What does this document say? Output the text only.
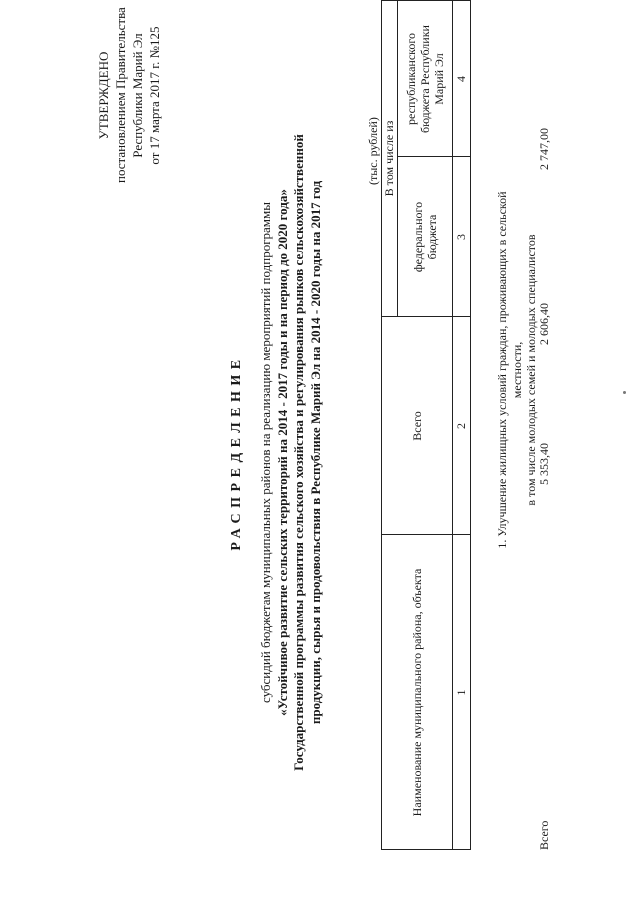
УТВЕРЖДЕНО постановлением Правительства Республики Марий Эл от 17 марта 2017 г. №125
РАСПРЕДЕЛЕНИЕ субсидий бюджетам муниципальных районов на реализацию мероприятий подпрограммы «Устойчивое развитие сельских территорий на 2014 - 2017 годы и на период до 2020 года» Государственной программы развития сельского хозяйства и регулирования рынков сельскохозяйственной продукции, сырья и продовольствия в Республике Марий Эл на 2014 - 2020 годы на 2017 год
(тыс. рублей)
Наименование муниципального района, объекта
Всего
В том числе из
федерального бюджета
республиканского бюджета Республики Марий Эл
1
2
3
4
1. Улучшение жилищных условий граждан, проживающих в сельской местности, в том числе молодых семей и молодых специалистов
Всего
5 353,40
2 606,40
2 747,00
